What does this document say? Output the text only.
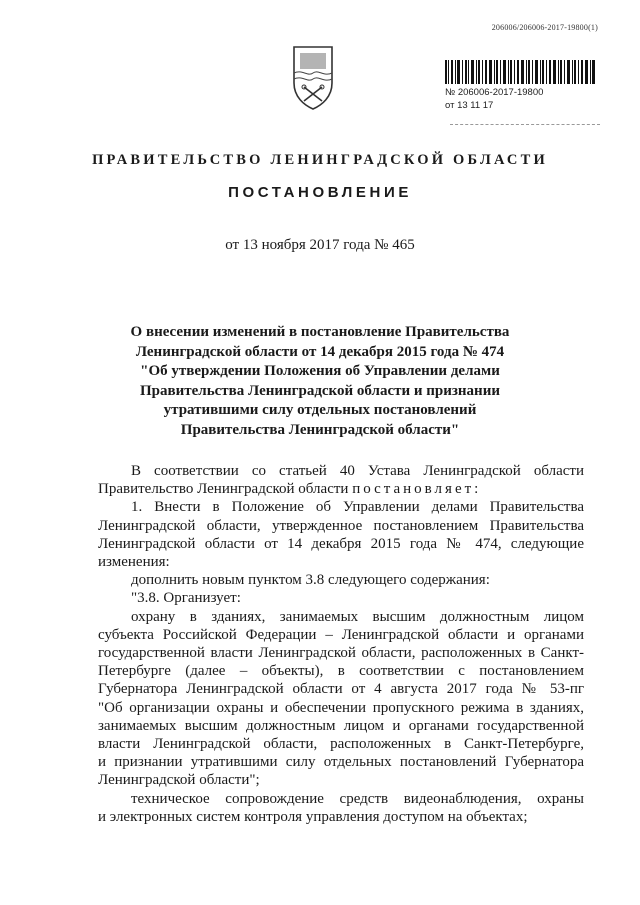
206006/206006-2017-19800(1)
№ 206006-2017-19800
от 13 11 17
ПРАВИТЕЛЬСТВО ЛЕНИНГРАДСКОЙ ОБЛАСТИ
ПОСТАНОВЛЕНИЕ
от 13 ноября 2017 года № 465
О внесении изменений в постановление Правительства
Ленинградской области от 14 декабря 2015 года № 474
"Об утверждении Положения об Управлении делами
Правительства Ленинградской области и признании
утратившими силу отдельных постановлений
Правительства Ленинградской области"
В соответствии со статьей 40 Устава Ленинградской области
Правительство Ленинградской области постановляет:
1. Внести в Положение об Управлении делами Правительства
Ленинградской области, утвержденное постановлением Правительства
Ленинградской области от 14 декабря 2015 года № 474, следующие
изменения:
дополнить новым пунктом 3.8 следующего содержания:
"3.8. Организует:
охрану в зданиях, занимаемых высшим должностным лицом
субъекта Российской Федерации – Ленинградской области и органами
государственной власти Ленинградской области, расположенных в Санкт-
Петербурге (далее – объекты), в соответствии с постановлением
Губернатора Ленинградской области от 4 августа 2017 года № 53-пг
"Об организации охраны и обеспечении пропускного режима в зданиях,
занимаемых высшим должностным лицом и органами государственной
власти Ленинградской области, расположенных в Санкт-Петербурге,
и признании утратившими силу отдельных постановлений Губернатора
Ленинградской области";
техническое сопровождение средств видеонаблюдения, охраны
и электронных систем контроля управления доступом на объектах;
